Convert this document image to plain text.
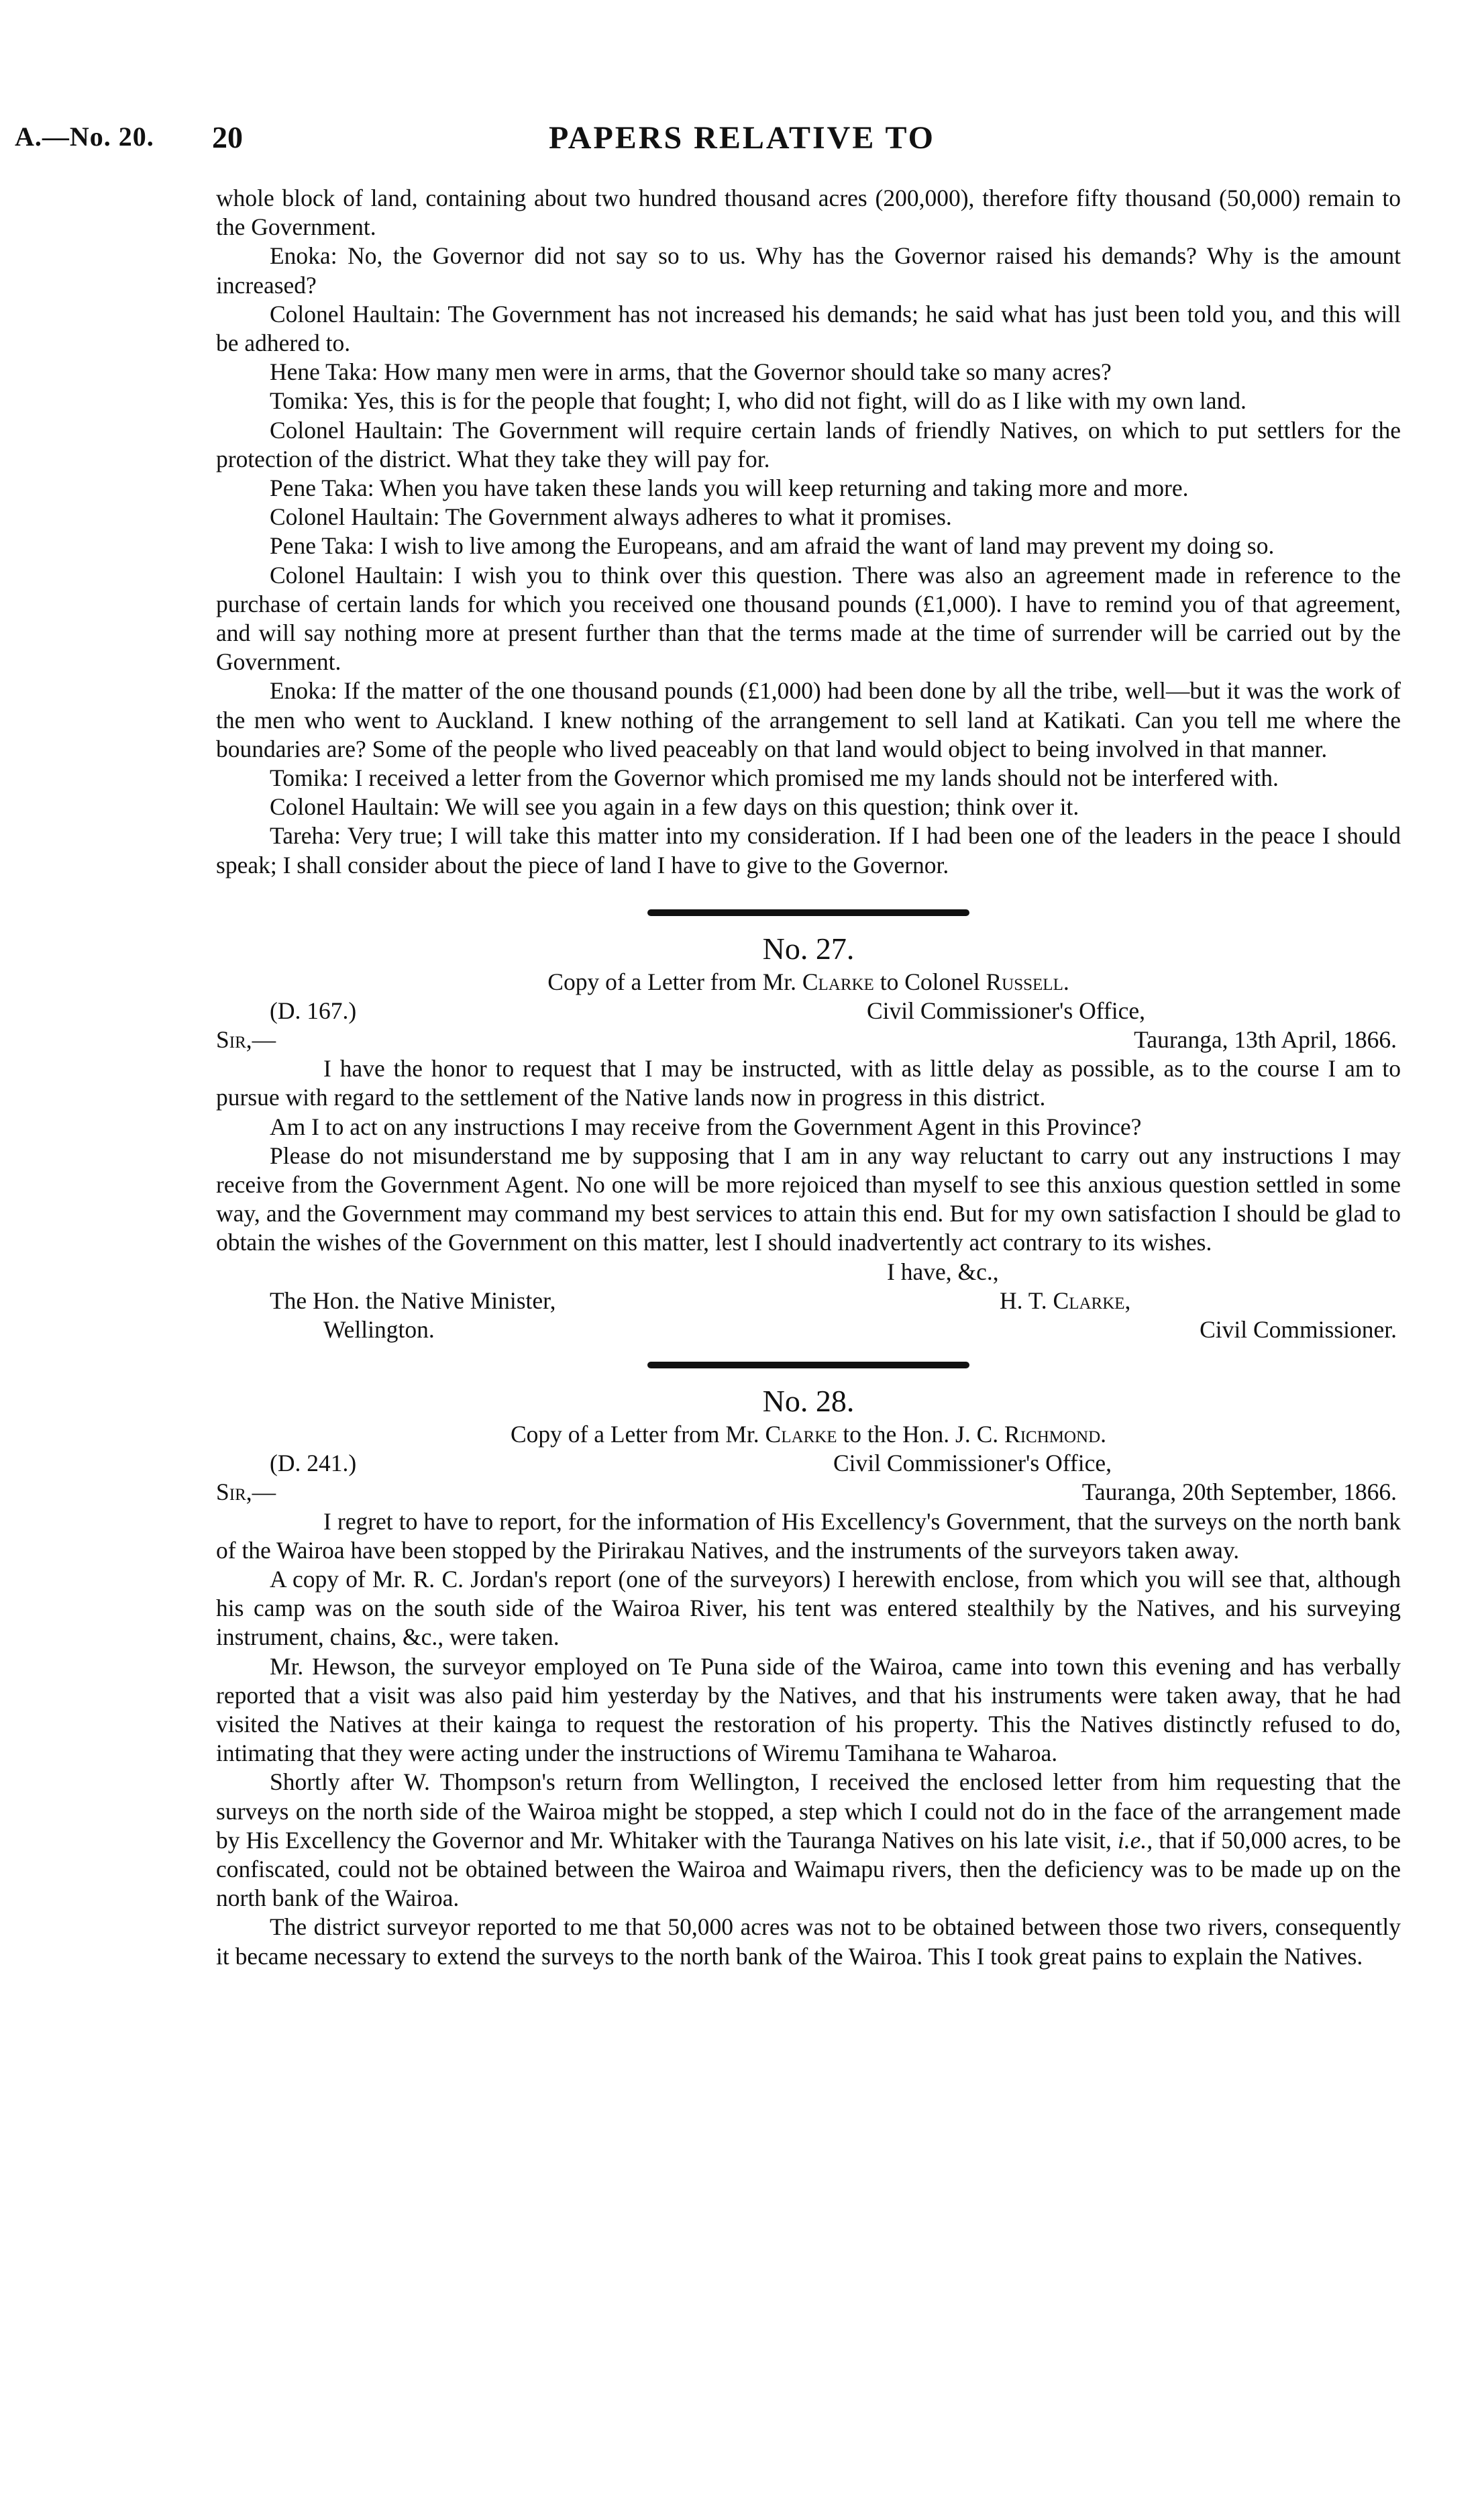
A.—No. 20. 20	PAPERS RELATIVE TO

whole block of land, containing about two hundred thousand acres (200,000), therefore fifty thousand (50,000) remain to the Government.

Enoka: No, the Governor did not say so to us. Why has the Governor raised his demands? Why is the amount increased?

Colonel Haultain: The Government has not increased his demands; he said what has just been told you, and this will be adhered to.

Hene Taka: How many men were in arms, that the Governor should take so many acres?

Tomika: Yes, this is for the people that fought; I, who did not fight, will do as I like with my own land.

Colonel Haultain: The Government will require certain lands of friendly Natives, on which to put settlers for the protection of the district. What they take they will pay for.

Pene Taka: When you have taken these lands you will keep returning and taking more and more.

Colonel Haultain: The Government always adheres to what it promises.

Pene Taka: I wish to live among the Europeans, and am afraid the want of land may prevent my doing so.

Colonel Haultain: I wish you to think over this question. There was also an agreement made in reference to the purchase of certain lands for which you received one thousand pounds (£1,000). I have to remind you of that agreement, and will say nothing more at present further than that the terms made at the time of surrender will be carried out by the Government.

Enoka: If the matter of the one thousand pounds (£1,000) had been done by all the tribe, well—but it was the work of the men who went to Auckland. I knew nothing of the arrangement to sell land at Katikati. Can you tell me where the boundaries are? Some of the people who lived peaceably on that land would object to being involved in that manner.

Tomika: I received a letter from the Governor which promised me my lands should not be interfered with.

Colonel Haultain: We will see you again in a few days on this question; think over it.

Tareha: Very true; I will take this matter into my consideration. If I had been one of the leaders in the peace I should speak; I shall consider about the piece of land I have to give to the Governor.

No. 27.
Copy of a Letter from Mr. Clarke to Colonel Russell.
(D. 167.)	Civil Commissioner's Office,
Sir,—	Tauranga, 13th April, 1866.

I have the honor to request that I may be instructed, with as little delay as possible, as to the course I am to pursue with regard to the settlement of the Native lands now in progress in this district.

Am I to act on any instructions I may receive from the Government Agent in this Province?

Please do not misunderstand me by supposing that I am in any way reluctant to carry out any instructions I may receive from the Government Agent. No one will be more rejoiced than myself to see this anxious question settled in some way, and the Government may command my best services to attain this end. But for my own satisfaction I should be glad to obtain the wishes of the Government on this matter, lest I should inadvertently act contrary to its wishes.

I have, &c.,
The Hon. the Native Minister,	H. T. Clarke,
Wellington.	Civil Commissioner.
No. 28.
Copy of a Letter from Mr. Clarke to the Hon. J. C. Richmond.
(D. 241.)	Civil Commissioner's Office,
Sir,—	Tauranga, 20th September, 1866.

I regret to have to report, for the information of His Excellency's Government, that the surveys on the north bank of the Wairoa have been stopped by the Pirirakau Natives, and the instruments of the surveyors taken away.

A copy of Mr. R. C. Jordan's report (one of the surveyors) I herewith enclose, from which you will see that, although his camp was on the south side of the Wairoa River, his tent was entered stealthily by the Natives, and his surveying instrument, chains, &c., were taken.

Mr. Hewson, the surveyor employed on Te Puna side of the Wairoa, came into town this evening and has verbally reported that a visit was also paid him yesterday by the Natives, and that his instruments were taken away, that he had visited the Natives at their kainga to request the restoration of his property. This the Natives distinctly refused to do, intimating that they were acting under the instructions of Wiremu Tamihana te Waharoa.

Shortly after W. Thompson's return from Wellington, I received the enclosed letter from him requesting that the surveys on the north side of the Wairoa might be stopped, a step which I could not do in the face of the arrangement made by His Excellency the Governor and Mr. Whitaker with the Tauranga Natives on his late visit, i.e., that if 50,000 acres, to be confiscated, could not be obtained between the Wairoa and Waimapu rivers, then the deficiency was to be made up on the north bank of the Wairoa.

The district surveyor reported to me that 50,000 acres was not to be obtained between those two rivers, consequently it became necessary to extend the surveys to the north bank of the Wairoa. This I took great pains to explain the Natives.
